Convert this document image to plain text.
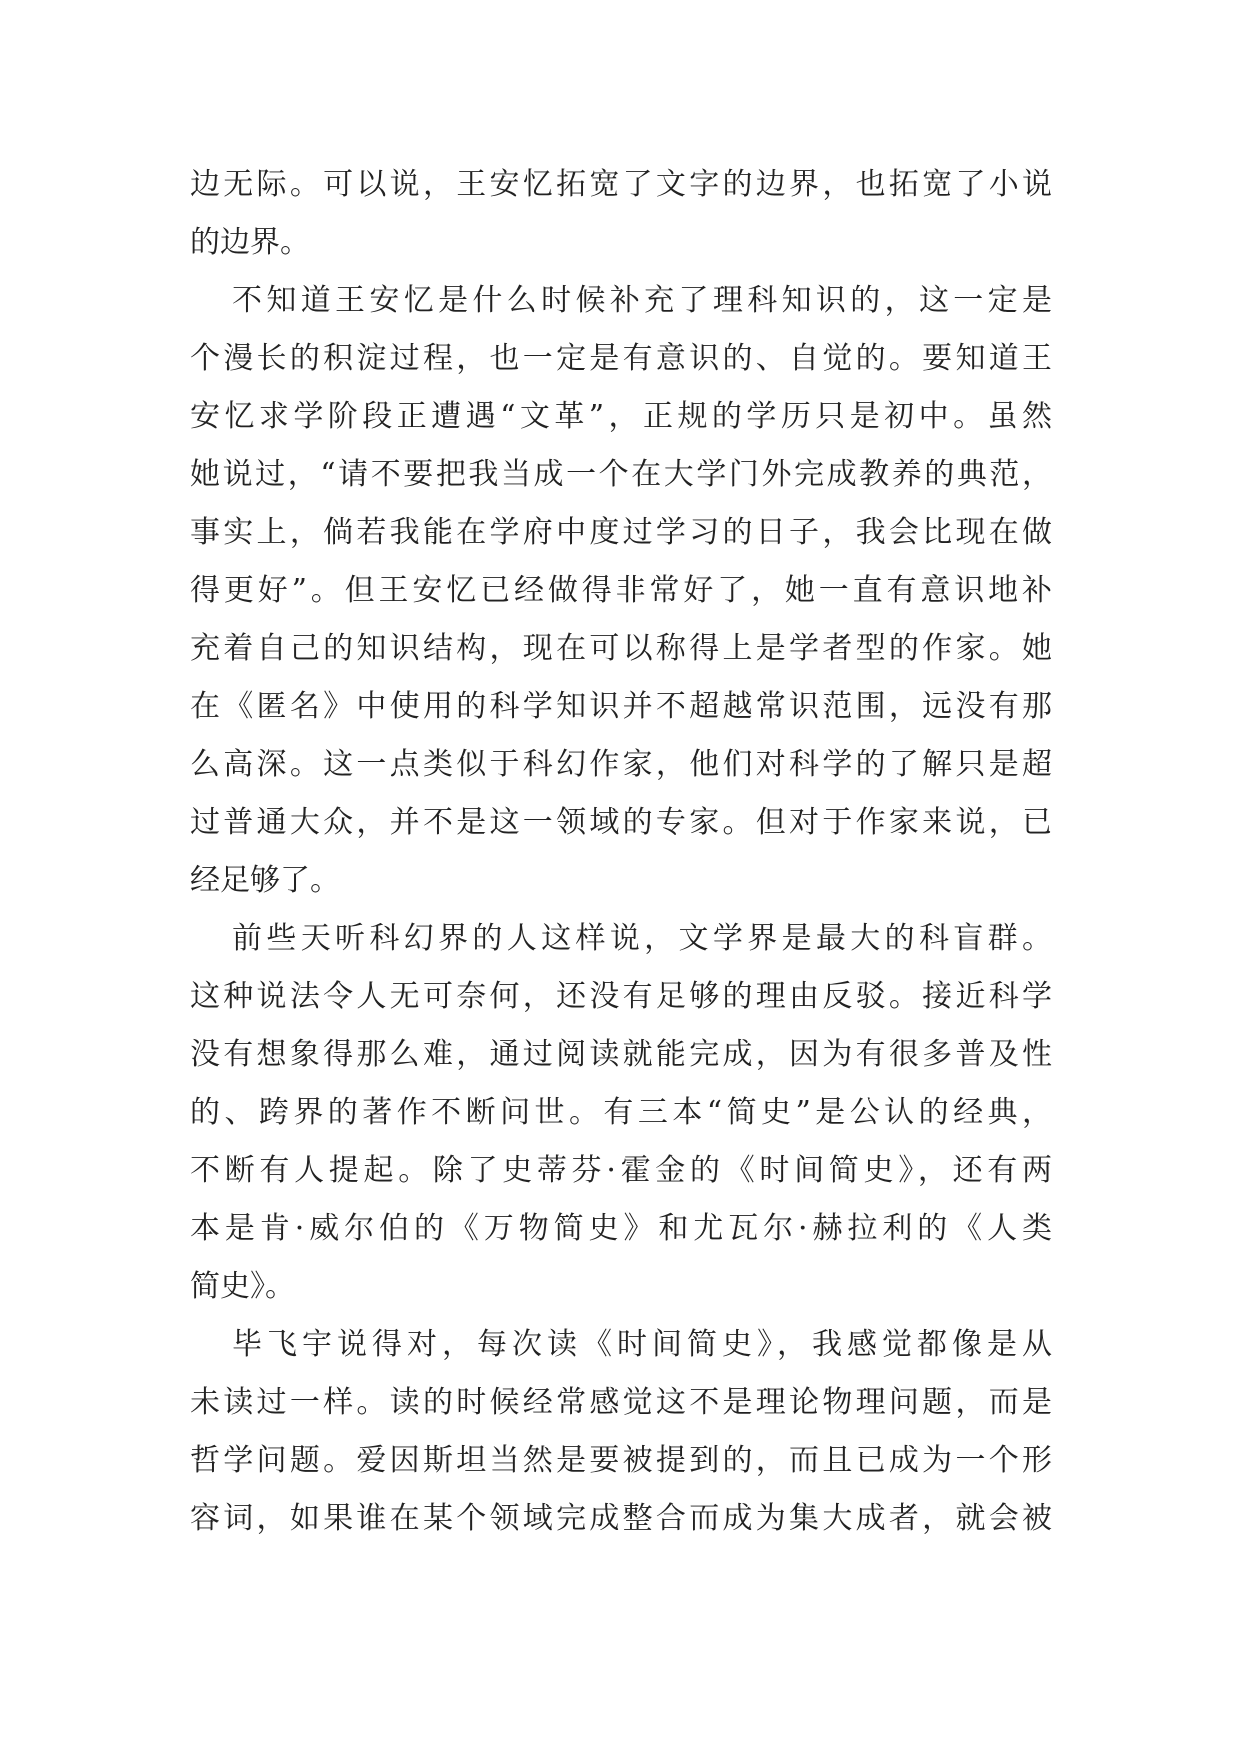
边无际。可以说，王安忆拓宽了文字的边界，也拓宽了小说
的边界。
不知道王安忆是什么时候补充了理科知识的，这一定是
个漫长的积淀过程，也一定是有意识的、自觉的。要知道王
安忆求学阶段正遭遇“文革”，正规的学历只是初中。虽然
她说过，“请不要把我当成一个在大学门外完成教养的典范，
事实上，倘若我能在学府中度过学习的日子，我会比现在做
得更好”。但王安忆已经做得非常好了，她一直有意识地补
充着自己的知识结构，现在可以称得上是学者型的作家。她
在《匿名》中使用的科学知识并不超越常识范围，远没有那
么高深。这一点类似于科幻作家，他们对科学的了解只是超
过普通大众，并不是这一领域的专家。但对于作家来说，已
经足够了。
前些天听科幻界的人这样说，文学界是最大的科盲群。
这种说法令人无可奈何，还没有足够的理由反驳。接近科学
没有想象得那么难，通过阅读就能完成，因为有很多普及性
的、跨界的著作不断问世。有三本“简史”是公认的经典，
不断有人提起。除了史蒂芬·霍金的《时间简史》，还有两
本是肯·威尔伯的《万物简史》和尤瓦尔·赫拉利的《人类
简史》。
毕飞宇说得对，每次读《时间简史》，我感觉都像是从
未读过一样。读的时候经常感觉这不是理论物理问题，而是
哲学问题。爱因斯坦当然是要被提到的，而且已成为一个形
容词，如果谁在某个领域完成整合而成为集大成者，就会被
